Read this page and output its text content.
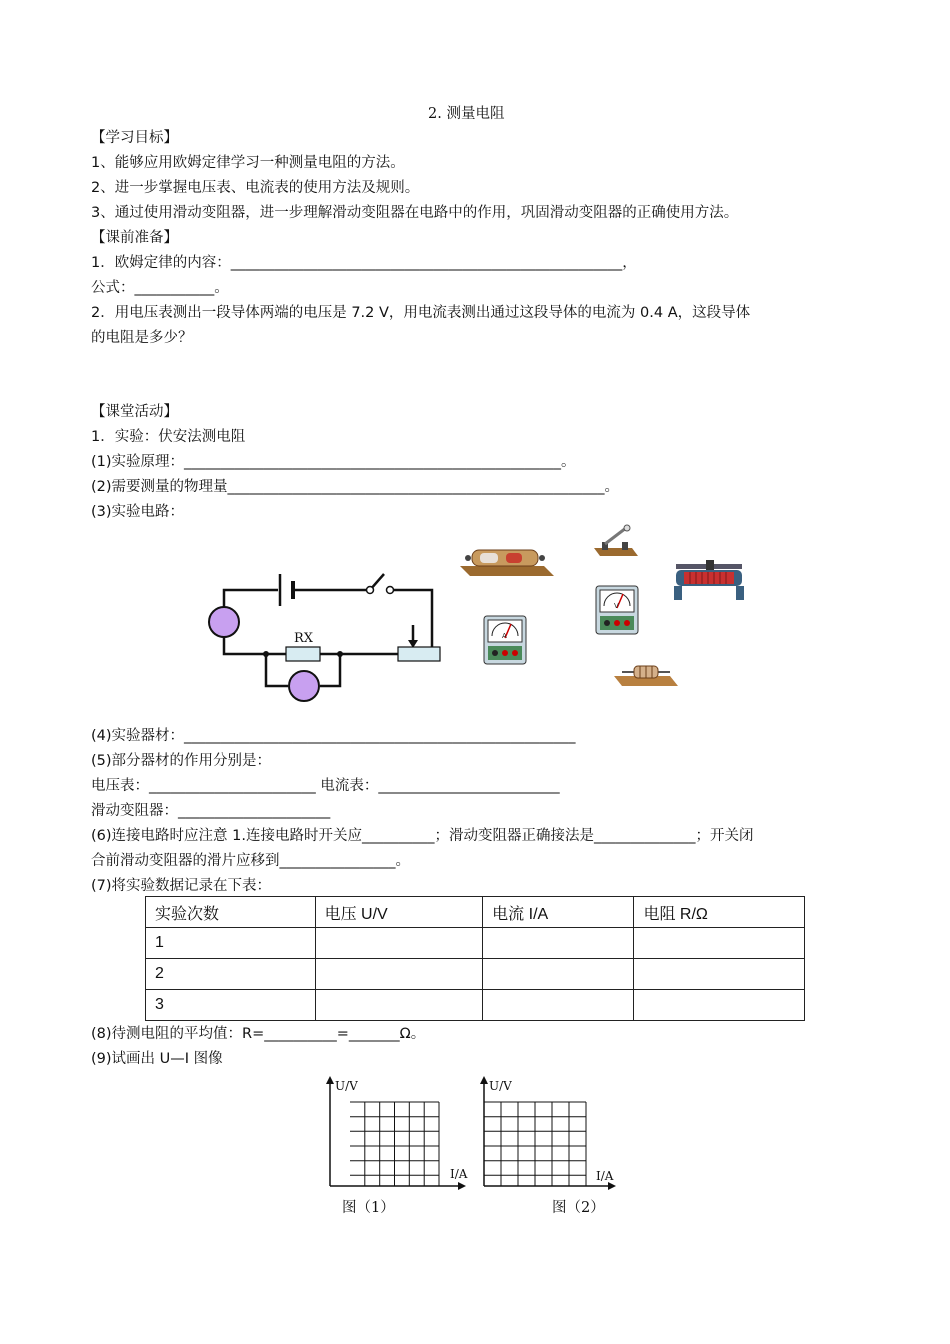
2. 测量电阻
【学习目标】
1、能够应用欧姆定律学习一种测量电阻的方法。
2、进一步掌握电压表、电流表的使用方法及规则。
3、通过使用滑动变阻器，进一步理解滑动变阻器在电路中的作用，巩固滑动变阻器的正确使用方法。
【课前准备】
1．欧姆定律的内容：______________________________________________________，
公式：___________。
2．用电压表测出一段导体两端的电压是 7.2 V，用电流表测出通过这段导体的电流为 0.4 A，这段导体
的电阻是多少？
【课堂活动】
1．实验：伏安法测电阻
(1)实验原理：____________________________________________________。
(2)需要测量的物理量____________________________________________________。
(3)实验电路：
RX	A
V
(4)实验器材：______________________________________________________
(5)部分器材的作用分别是：
电压表：_______________________ 电流表：_________________________
滑动变阻器：_____________________
(6)连接电路时应注意 1.连接电路时开关应__________；滑动变阻器正确接法是______________；开关闭
合前滑动变阻器的滑片应移到________________。
(7)将实验数据记录在下表：
实验次数	电压 U/V	电流 I/A	电阻 R/Ω
1			
2			
3			
(8)待测电阻的平均值：R=__________=_______Ω。
(9)试画出 U—I 图像
U/V
I/A
图（1）
U/V
I/A
图（2）
